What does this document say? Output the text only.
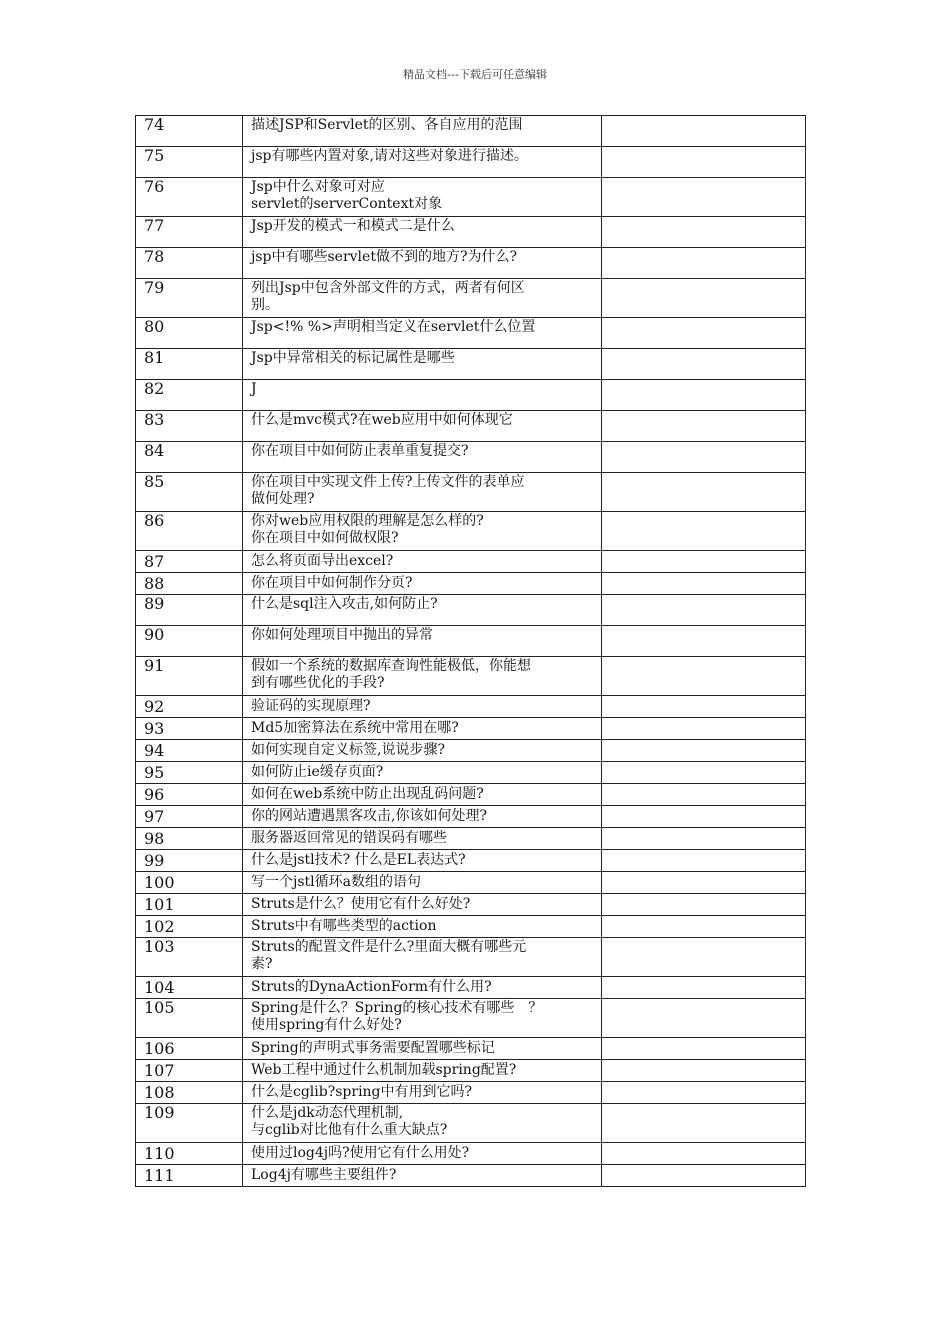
精品文档---下载后可任意编辑
74	描述JSP和Servlet的区别、各自应用的范围	
75	jsp有哪些内置对象,请对这些对象进行描述。	
76	Jsp中什么对象可对应
servlet的serverContext对象	
77	Jsp开发的模式一和模式二是什么	
78	jsp中有哪些servlet做不到的地方?为什么?	
79	列出Jsp中包含外部文件的方式，两者有何区
别。	
80	Jsp<!% %>声明相当定义在servlet什么位置	
81	Jsp中异常相关的标记属性是哪些	
82	J	
83	什么是mvc模式?在web应用中如何体现它	
84	你在项目中如何防止表单重复提交?	
85	你在项目中实现文件上传?上传文件的表单应
做何处理?	
86	你对web应用权限的理解是怎么样的?
你在项目中如何做权限?	
87	怎么将页面导出excel?	
88	你在项目中如何制作分页?	
89	什么是sql注入攻击,如何防止?	
90	你如何处理项目中抛出的异常	
91	假如一个系统的数据库查询性能极低，你能想
到有哪些优化的手段?	
92	验证码的实现原理?	
93	Md5加密算法在系统中常用在哪?	
94	如何实现自定义标签,说说步骤?	
95	如何防止ie缓存页面?	
96	如何在web系统中防止出现乱码问题?	
97	你的网站遭遇黑客攻击,你该如何处理?	
98	服务器返回常见的错误码有哪些	
99	什么是jstl技术? 什么是EL表达式?	
100	写一个jstl循环a数组的语句	
101	Struts是什么？使用它有什么好处?	
102	Struts中有哪些类型的action	
103	Struts的配置文件是什么?里面大概有哪些元
素?	
104	Struts的DynaActionForm有什么用?	
105	Spring是什么？Spring的核心技术有哪些　？
使用spring有什么好处?	
106	Spring的声明式事务需要配置哪些标记	
107	Web工程中通过什么机制加载spring配置?	
108	什么是cglib?spring中有用到它吗?	
109	什么是jdk动态代理机制,
与cglib对比他有什么重大缺点?	
110	使用过log4j吗?使用它有什么用处?	
111	Log4j有哪些主要组件?	
